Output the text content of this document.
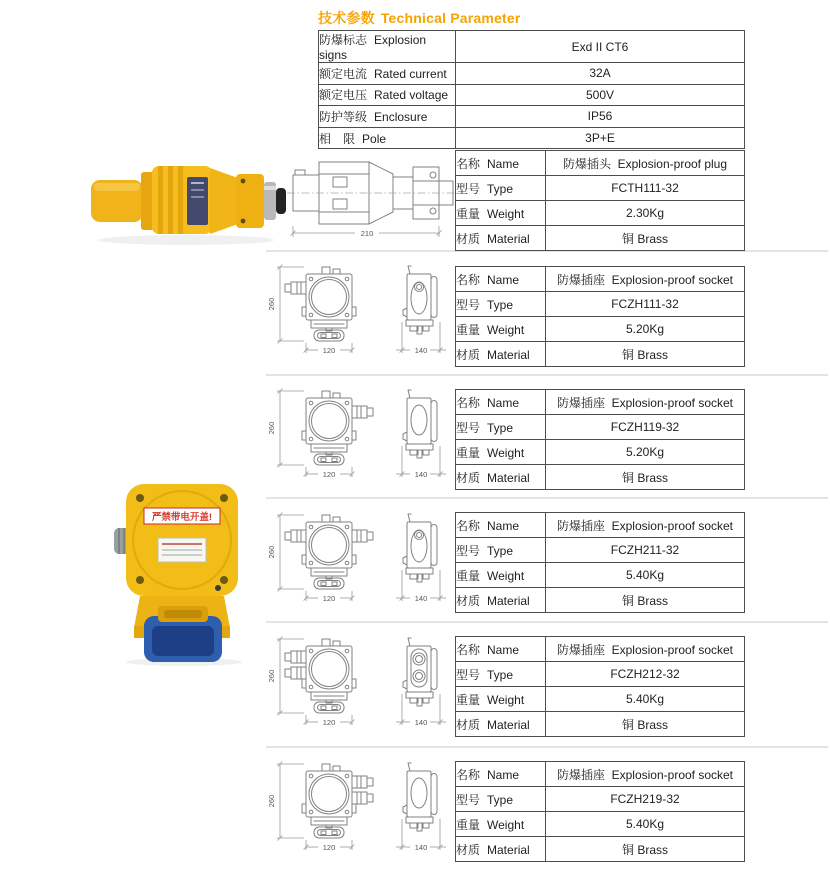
技术参数 Technical Parameter
防爆标志 Explosion signs	Exd II CT6
额定电流 Rated current	32A
额定电压 Rated voltage	500V
防护等级 Enclosure	IP56
相　限 Pole	3P+E
210
名称 Name	防爆插头  Explosion-proof plug
型号 Type	FCTH111-32
重量 Weight	2.30Kg
材质 Material	铜 Brass
严禁带电开盖!
260
120	140
名称 Name	防爆插座  Explosion-proof socket
型号 Type	FCZH111-32
重量 Weight	5.20Kg
材质 Material	铜 Brass
260
120	140
名称 Name	防爆插座  Explosion-proof socket
型号 Type	FCZH119-32
重量 Weight	5.20Kg
材质 Material	铜 Brass
260
120	140
名称 Name	防爆插座  Explosion-proof socket
型号 Type	FCZH211-32
重量 Weight	5.40Kg
材质 Material	铜 Brass
260
120	140
名称 Name	防爆插座  Explosion-proof socket
型号 Type	FCZH212-32
重量 Weight	5.40Kg
材质 Material	铜 Brass
260
120	140
名称 Name	防爆插座  Explosion-proof socket
型号 Type	FCZH219-32
重量 Weight	5.40Kg
材质 Material	铜 Brass
